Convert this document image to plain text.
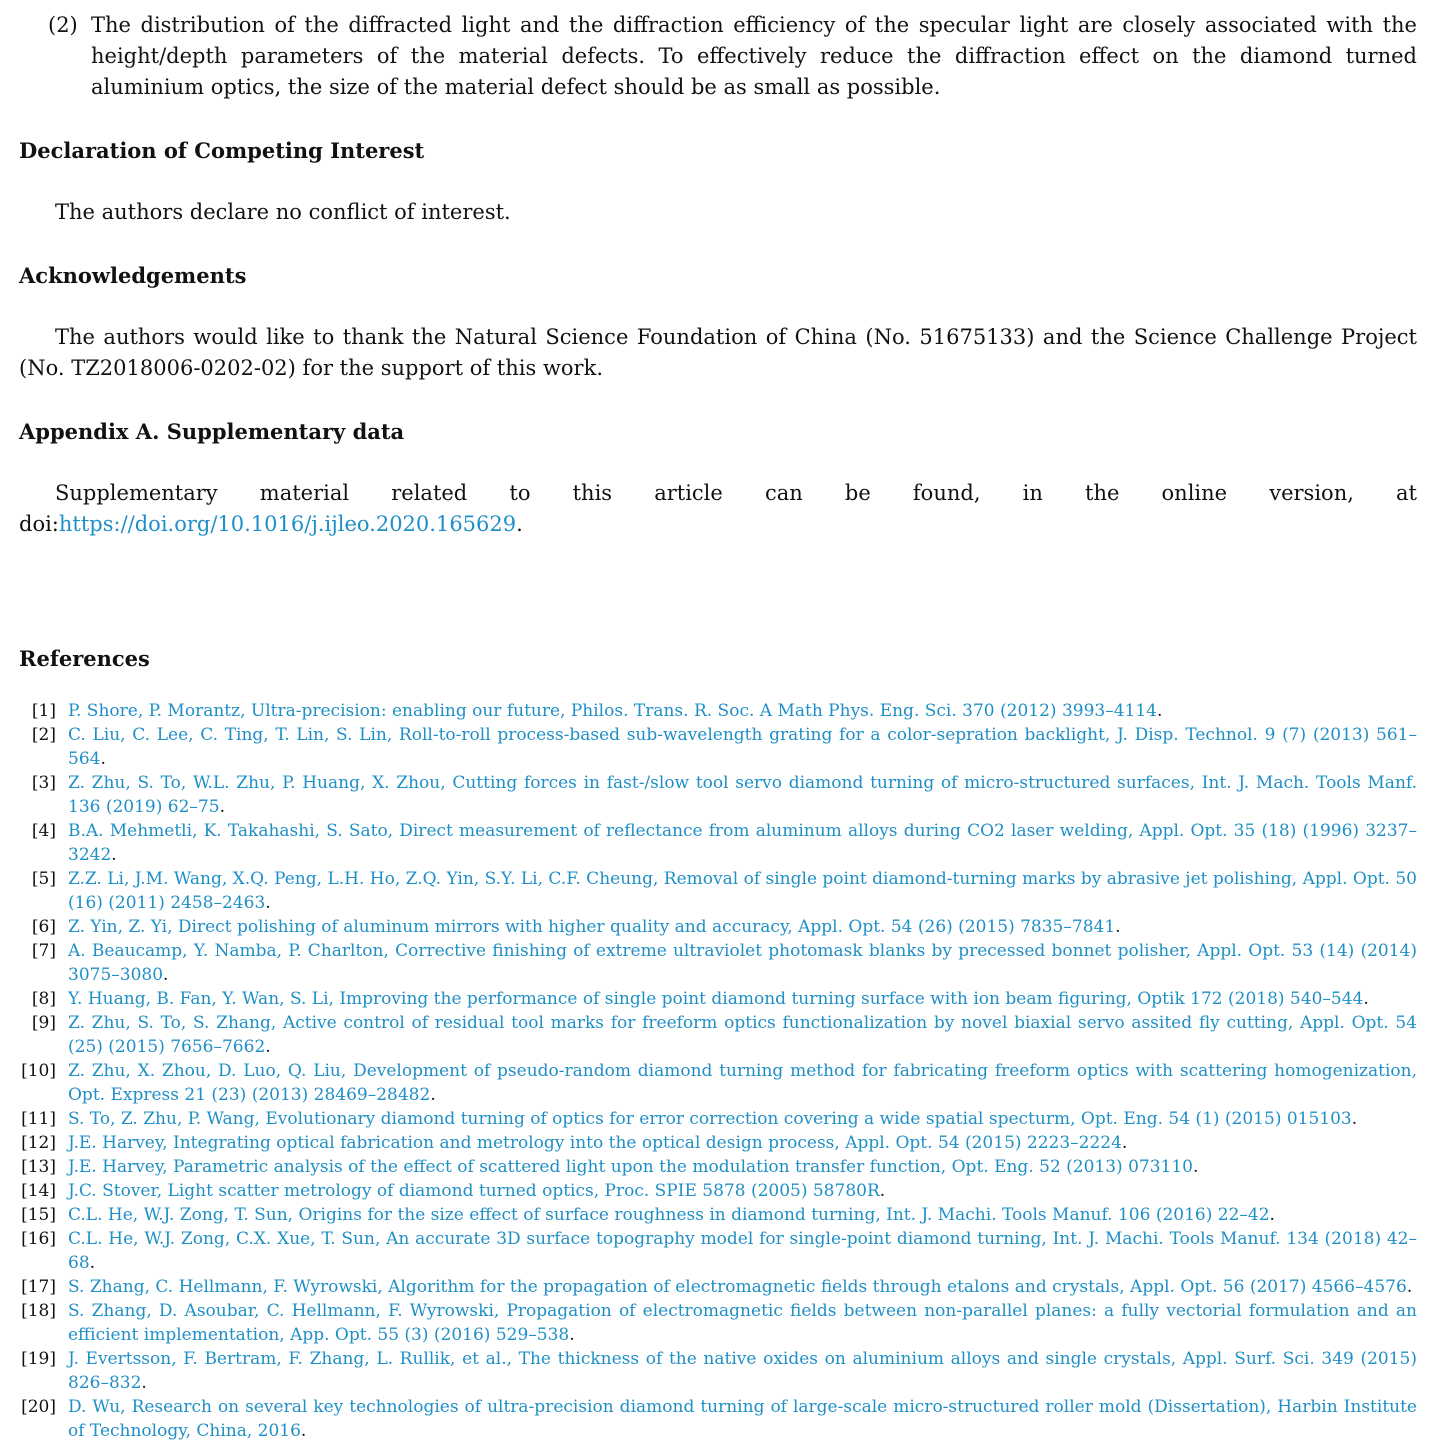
(2) The distribution of the diffracted light and the diffraction efficiency of the specular light are closely associated with the height/depth parameters of the material defects. To effectively reduce the diffraction effect on the diamond turned aluminium optics, the size of the material defect should be as small as possible.

Declaration of Competing Interest

The authors declare no conflict of interest.

Acknowledgements

The authors would like to thank the Natural Science Foundation of China (No. 51675133) and the Science Challenge Project (No. TZ2018006-0202-02) for the support of this work.

Appendix A. Supplementary data

Supplementary material related to this article can be found, in the online version, at doi:https://doi.org/10.1016/j.ijleo.2020.165629.

References
[1] P. Shore, P. Morantz, Ultra-precision: enabling our future, Philos. Trans. R. Soc. A Math Phys. Eng. Sci. 370 (2012) 3993–4114.
[2] C. Liu, C. Lee, C. Ting, T. Lin, S. Lin, Roll-to-roll process-based sub-wavelength grating for a color-sepration backlight, J. Disp. Technol. 9 (7) (2013) 561–564.
[3] Z. Zhu, S. To, W.L. Zhu, P. Huang, X. Zhou, Cutting forces in fast-/slow tool servo diamond turning of micro-structured surfaces, Int. J. Mach. Tools Manf. 136 (2019) 62–75.
[4] B.A. Mehmetli, K. Takahashi, S. Sato, Direct measurement of reflectance from aluminum alloys during CO2 laser welding, Appl. Opt. 35 (18) (1996) 3237–3242.
[5] Z.Z. Li, J.M. Wang, X.Q. Peng, L.H. Ho, Z.Q. Yin, S.Y. Li, C.F. Cheung, Removal of single point diamond-turning marks by abrasive jet polishing, Appl. Opt. 50 (16) (2011) 2458–2463.
[6] Z. Yin, Z. Yi, Direct polishing of aluminum mirrors with higher quality and accuracy, Appl. Opt. 54 (26) (2015) 7835–7841.
[7] A. Beaucamp, Y. Namba, P. Charlton, Corrective finishing of extreme ultraviolet photomask blanks by precessed bonnet polisher, Appl. Opt. 53 (14) (2014) 3075–3080.
[8] Y. Huang, B. Fan, Y. Wan, S. Li, Improving the performance of single point diamond turning surface with ion beam figuring, Optik 172 (2018) 540–544.
[9] Z. Zhu, S. To, S. Zhang, Active control of residual tool marks for freeform optics functionalization by novel biaxial servo assited fly cutting, Appl. Opt. 54 (25) (2015) 7656–7662.
[10] Z. Zhu, X. Zhou, D. Luo, Q. Liu, Development of pseudo-random diamond turning method for fabricating freeform optics with scattering homogenization, Opt. Express 21 (23) (2013) 28469–28482.
[11] S. To, Z. Zhu, P. Wang, Evolutionary diamond turning of optics for error correction covering a wide spatial specturm, Opt. Eng. 54 (1) (2015) 015103.
[12] J.E. Harvey, Integrating optical fabrication and metrology into the optical design process, Appl. Opt. 54 (2015) 2223–2224.
[13] J.E. Harvey, Parametric analysis of the effect of scattered light upon the modulation transfer function, Opt. Eng. 52 (2013) 073110.
[14] J.C. Stover, Light scatter metrology of diamond turned optics, Proc. SPIE 5878 (2005) 58780R.
[15] C.L. He, W.J. Zong, T. Sun, Origins for the size effect of surface roughness in diamond turning, Int. J. Machi. Tools Manuf. 106 (2016) 22–42.
[16] C.L. He, W.J. Zong, C.X. Xue, T. Sun, An accurate 3D surface topography model for single-point diamond turning, Int. J. Machi. Tools Manuf. 134 (2018) 42–68.
[17] S. Zhang, C. Hellmann, F. Wyrowski, Algorithm for the propagation of electromagnetic fields through etalons and crystals, Appl. Opt. 56 (2017) 4566–4576.
[18] S. Zhang, D. Asoubar, C. Hellmann, F. Wyrowski, Propagation of electromagnetic fields between non-parallel planes: a fully vectorial formulation and an efficient implementation, App. Opt. 55 (3) (2016) 529–538.
[19] J. Evertsson, F. Bertram, F. Zhang, L. Rullik, et al., The thickness of the native oxides on aluminium alloys and single crystals, Appl. Surf. Sci. 349 (2015) 826–832.
[20] D. Wu, Research on several key technologies of ultra-precision diamond turning of large-scale micro-structured roller mold (Dissertation), Harbin Institute of Technology, China, 2016.
